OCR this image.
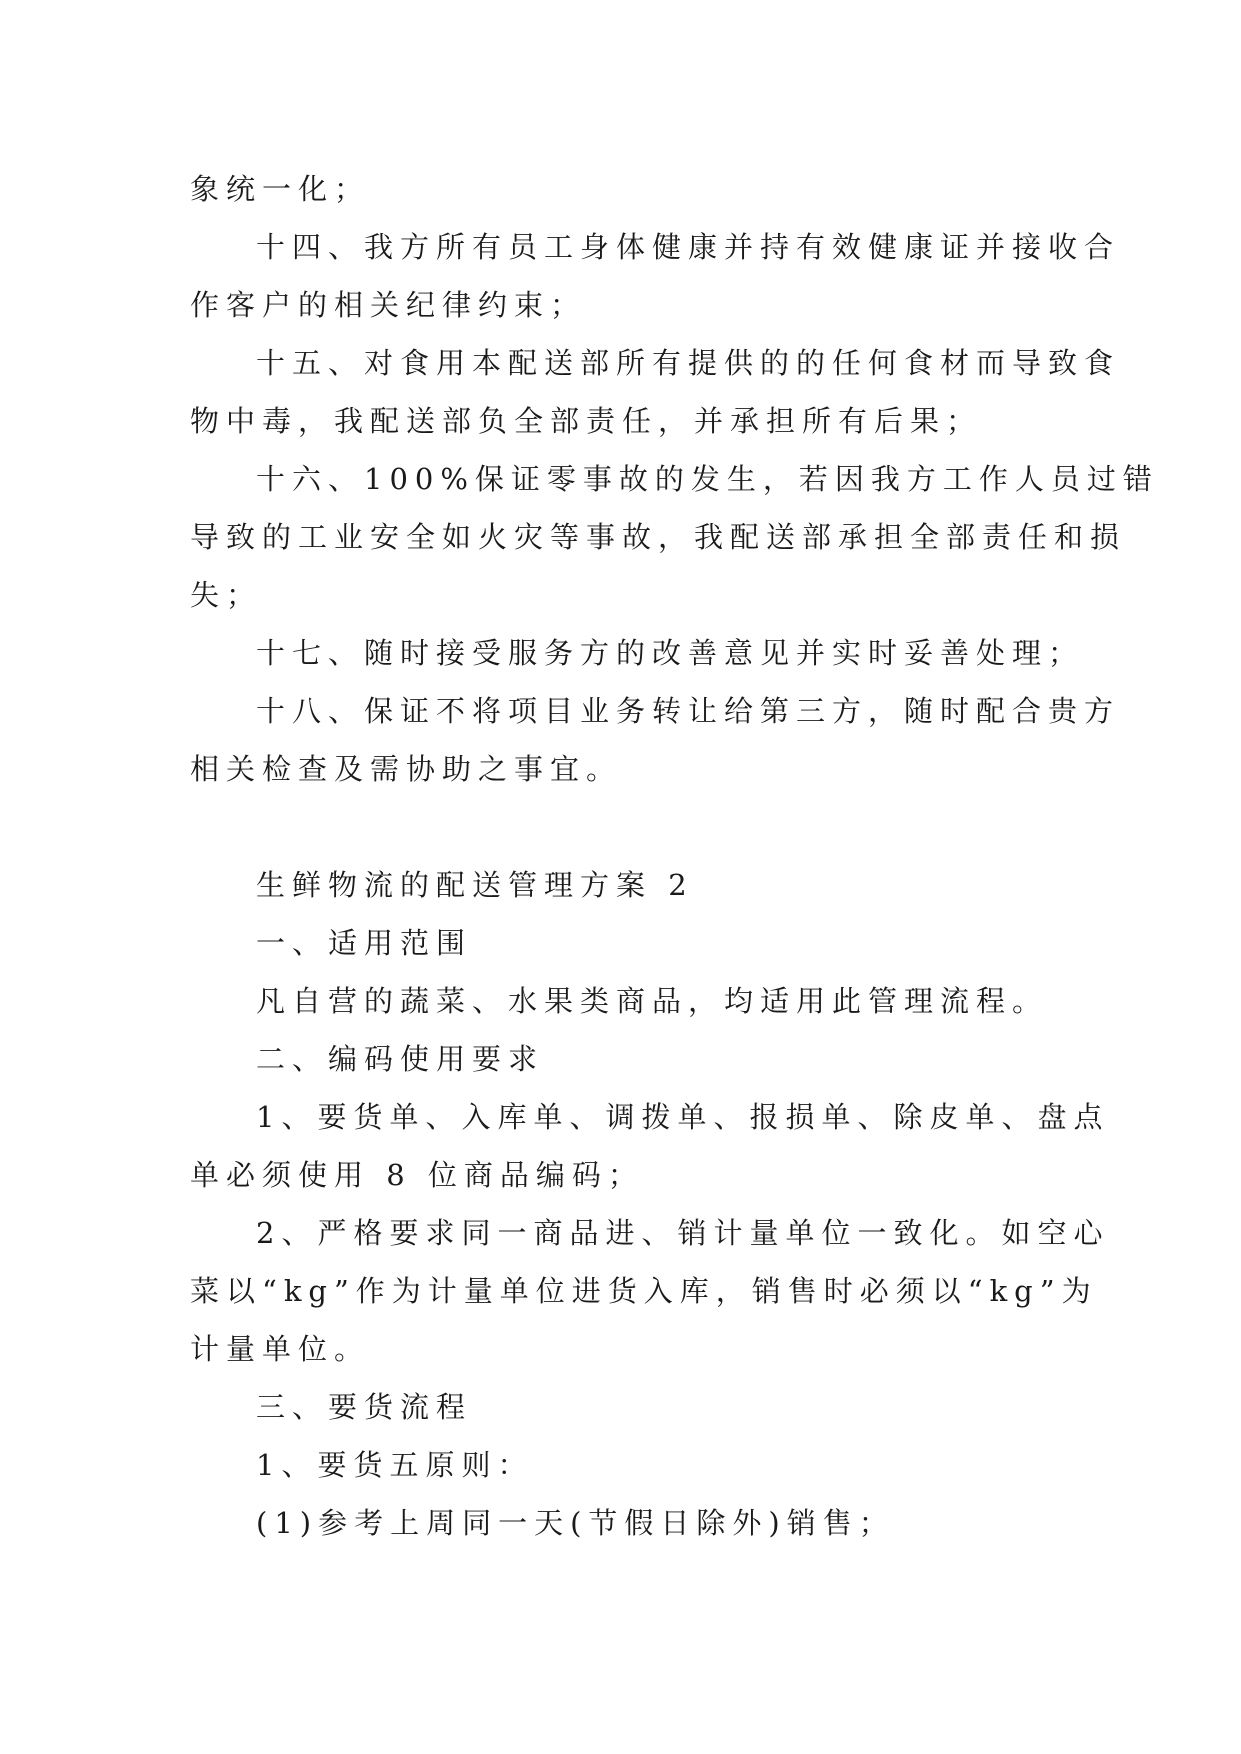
象统一化；
十四、我方所有员工身体健康并持有效健康证并接收合
作客户的相关纪律约束；
十五、对食用本配送部所有提供的的任何食材而导致食
物中毒，我配送部负全部责任，并承担所有后果；
十六、100%保证零事故的发生，若因我方工作人员过错
导致的工业安全如火灾等事故，我配送部承担全部责任和损
失；
十七、随时接受服务方的改善意见并实时妥善处理；
十八、保证不将项目业务转让给第三方，随时配合贵方
相关检查及需协助之事宜。
生鲜物流的配送管理方案 2
一、适用范围
凡自营的蔬菜、水果类商品，均适用此管理流程。
二、编码使用要求
1、要货单、入库单、调拨单、报损单、除皮单、盘点
单必须使用 8 位商品编码；
2、严格要求同一商品进、销计量单位一致化。如空心
菜以“kg”作为计量单位进货入库，销售时必须以“kg”为
计量单位。
三、要货流程
1、要货五原则：
(1)参考上周同一天(节假日除外)销售；
